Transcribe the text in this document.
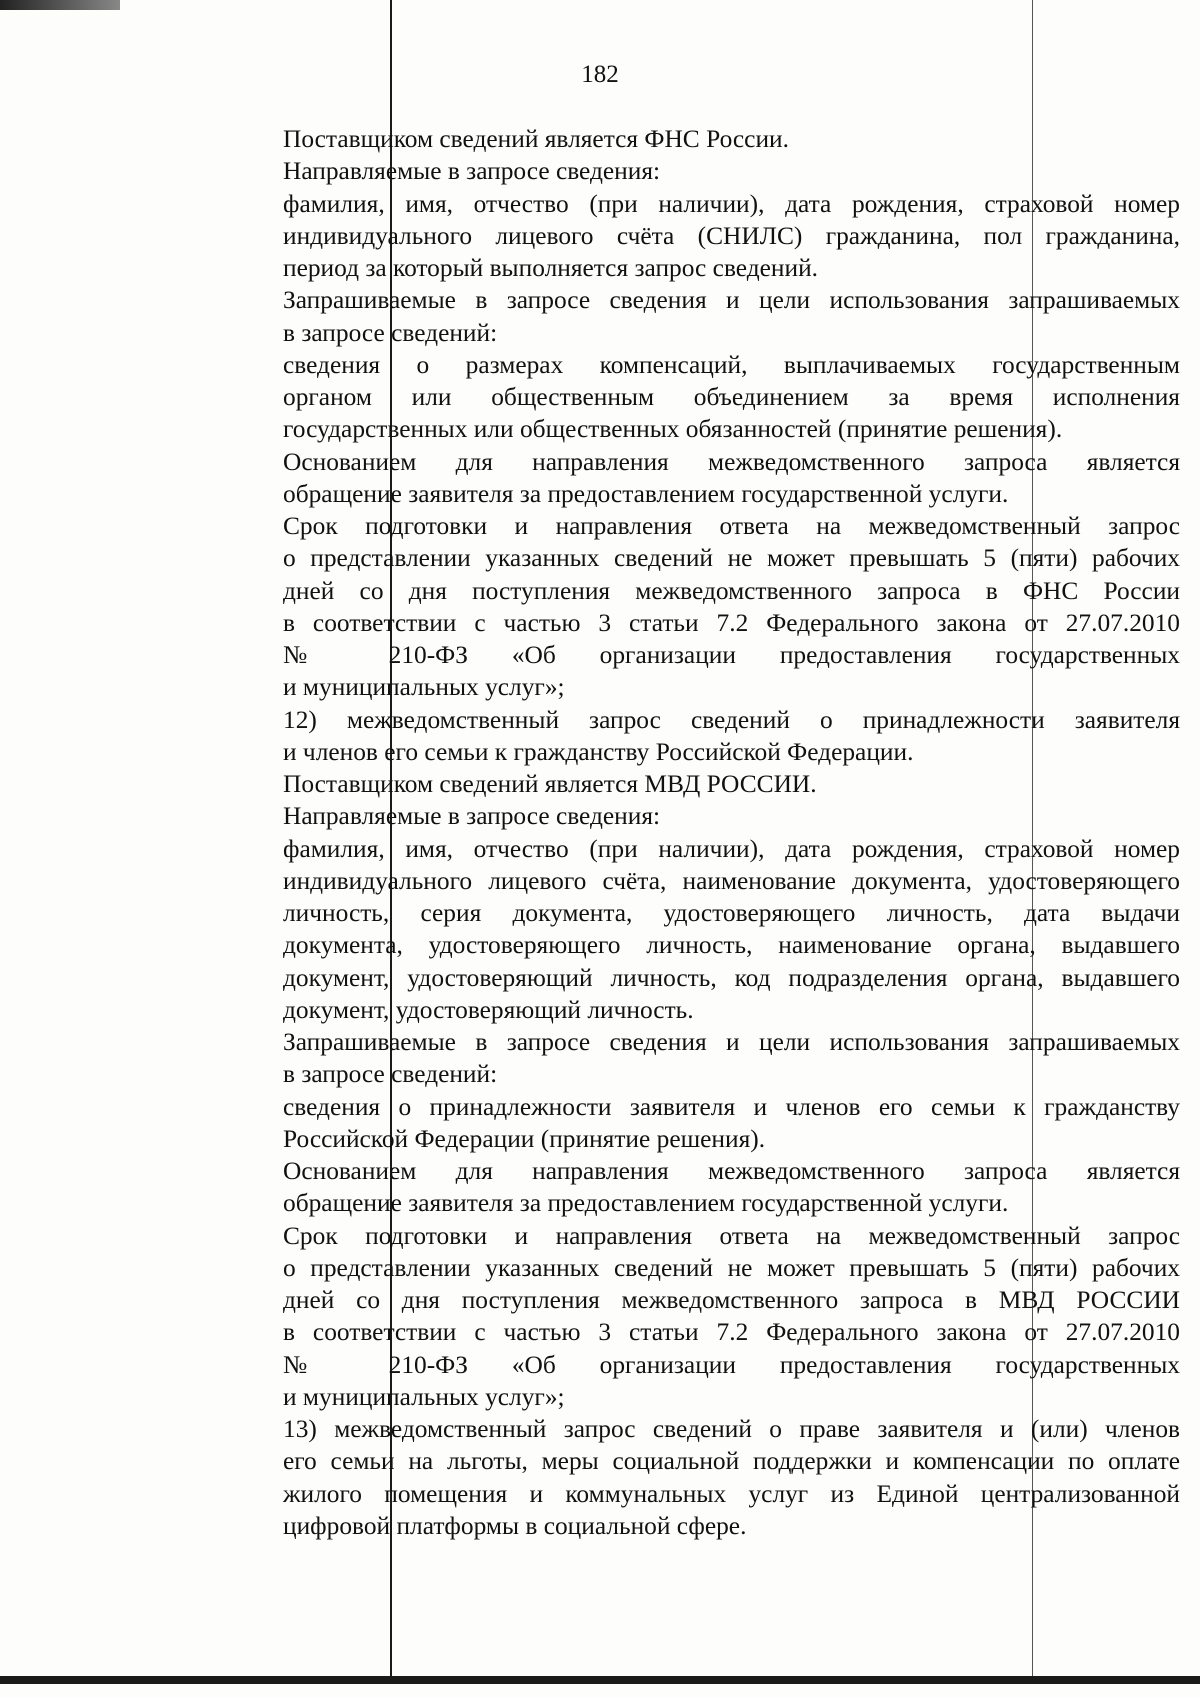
182
Поставщиком сведений является ФНС России.
Направляемые в запросе сведения:
фамилия, имя, отчество (при наличии), дата рождения, страховой номер
индивидуального лицевого счёта (СНИЛС) гражданина, пол гражданина,
период за который выполняется запрос сведений.
Запрашиваемые в запросе сведения и цели использования запрашиваемых
в запросе сведений:
сведения о размерах компенсаций, выплачиваемых государственным
органом или общественным объединением за время исполнения
государственных или общественных обязанностей (принятие решения).
Основанием для направления межведомственного запроса является
обращение заявителя за предоставлением государственной услуги.
Срок подготовки и направления ответа на межведомственный запрос
о представлении указанных сведений не может превышать 5 (пяти) рабочих
дней со дня поступления межведомственного запроса в ФНС России
в соответствии с частью 3 статьи 7.2 Федерального закона от 27.07.2010
№ 210-ФЗ «Об организации предоставления государственных
и муниципальных услуг»;
12) межведомственный запрос сведений о принадлежности заявителя
и членов его семьи к гражданству Российской Федерации.
Поставщиком сведений является МВД РОССИИ.
Направляемые в запросе сведения:
фамилия, имя, отчество (при наличии), дата рождения, страховой номер
индивидуального лицевого счёта, наименование документа, удостоверяющего
личность, серия документа, удостоверяющего личность, дата выдачи
документа, удостоверяющего личность, наименование органа, выдавшего
документ, удостоверяющий личность, код подразделения органа, выдавшего
документ, удостоверяющий личность.
Запрашиваемые в запросе сведения и цели использования запрашиваемых
в запросе сведений:
сведения о принадлежности заявителя и членов его семьи к гражданству
Российской Федерации (принятие решения).
Основанием для направления межведомственного запроса является
обращение заявителя за предоставлением государственной услуги.
Срок подготовки и направления ответа на межведомственный запрос
о представлении указанных сведений не может превышать 5 (пяти) рабочих
дней со дня поступления межведомственного запроса в МВД РОССИИ
в соответствии с частью 3 статьи 7.2 Федерального закона от 27.07.2010
№ 210-ФЗ «Об организации предоставления государственных
и муниципальных услуг»;
13) межведомственный запрос сведений о праве заявителя и (или) членов
его семьи на льготы, меры социальной поддержки и компенсации по оплате
жилого помещения и коммунальных услуг из Единой централизованной
цифровой платформы в социальной сфере.
